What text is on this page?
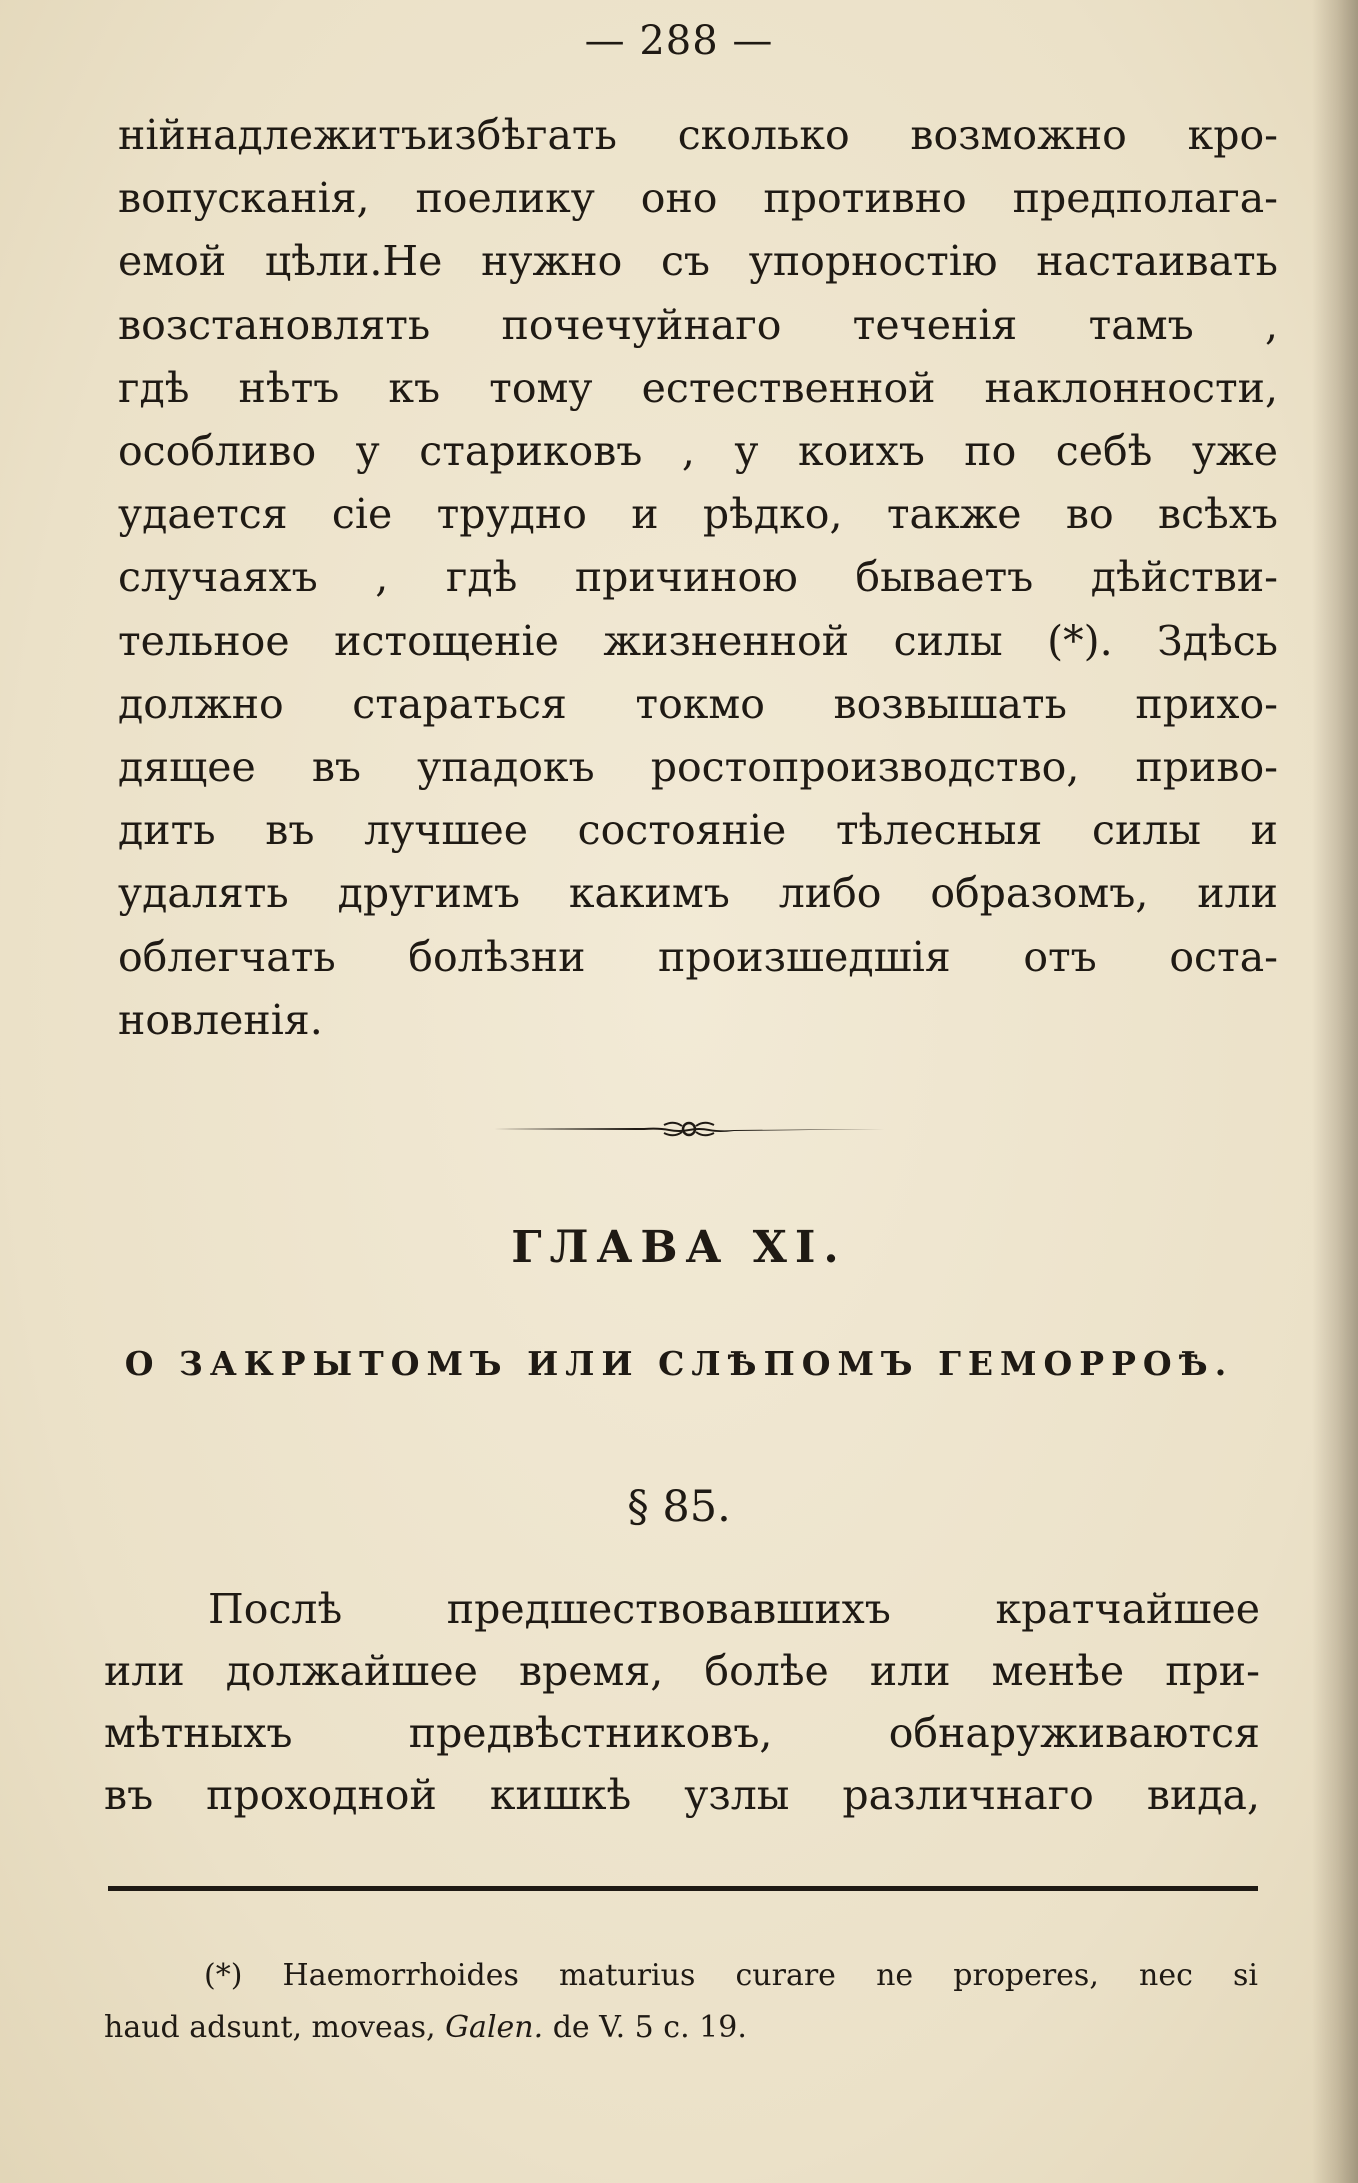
— 288 —
нійнадлежитъизбѣгать сколько возможно кро-
вопусканія, поелику оно противно предполага-
емой цѣли.Не нужно съ упорностію настаивать
возстановлять почечуйнаго теченія тамъ ,
гдѣ нѣтъ къ тому естественной наклонности,
особливо у стариковъ , у коихъ по себѣ уже
удается сіе трудно и рѣдко, также во всѣхъ
случаяхъ , гдѣ причиною бываетъ дѣйстви-
тельное истощеніе жизненной силы (*). Здѣсь
должно стараться токмо возвышать прихо-
дящее въ упадокъ ростопроизводство, приво-
дить въ лучшее состояніе тѣлесныя силы и
удалять другимъ какимъ либо образомъ, или
облегчать болѣзни произшедшія отъ оста-
новленія.
ГЛАВА XI.
О ЗАКРЫТОМЪ ИЛИ СЛѢПОМЪ ГЕМОРРОѢ.
§ 85.
Послѣ предшествовавшихъ кратчайшее
или должайшее время, болѣе или менѣе при-
мѣтныхъ предвѣстниковъ, обнаруживаются
въ проходной кишкѣ узлы различнаго вида,
(*) Haemorrhoides maturius curare ne properes, nec si
haud adsunt, moveas, Galen. de V. 5 c. 19.
